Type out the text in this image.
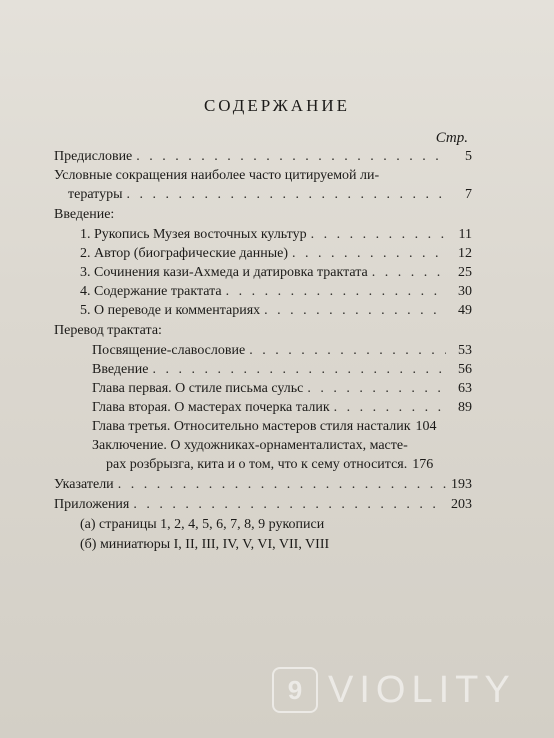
СОДЕРЖАНИЕ
Стр.
Предисловие . . .	5
Условные сокращения наиболее часто цитируемой ли-
тературы . . .	7
Введение:
1. Рукопись Музея восточных культур . . .	11
2. Автор (биографические данные) . . .	12
3. Сочинения кази-Ахмеда и датировка трактата . . .	25
4. Содержание трактата . . .	30
5. О переводе и комментариях . . .	49
Перевод трактата:
Посвящение-славословие . . .	53
Введение . . .	56
Глава первая. О стиле письма сульс . . .	63
Глава вторая. О мастерах почерка талик . . .	89
Глава третья. Относительно мастеров стиля насталик 104
Заключение. О художниках-орнаменталистах, масте-
рах розбрызга, кита и о том, что к сему относится. 176
Указатели . . .	193
Приложения . . .	203
(а) страницы 1, 2, 4, 5, 6, 7, 8, 9 рукописи
(б) миниатюры I, II, III, IV, V, VI, VII, VIII
9 VIOLITY
